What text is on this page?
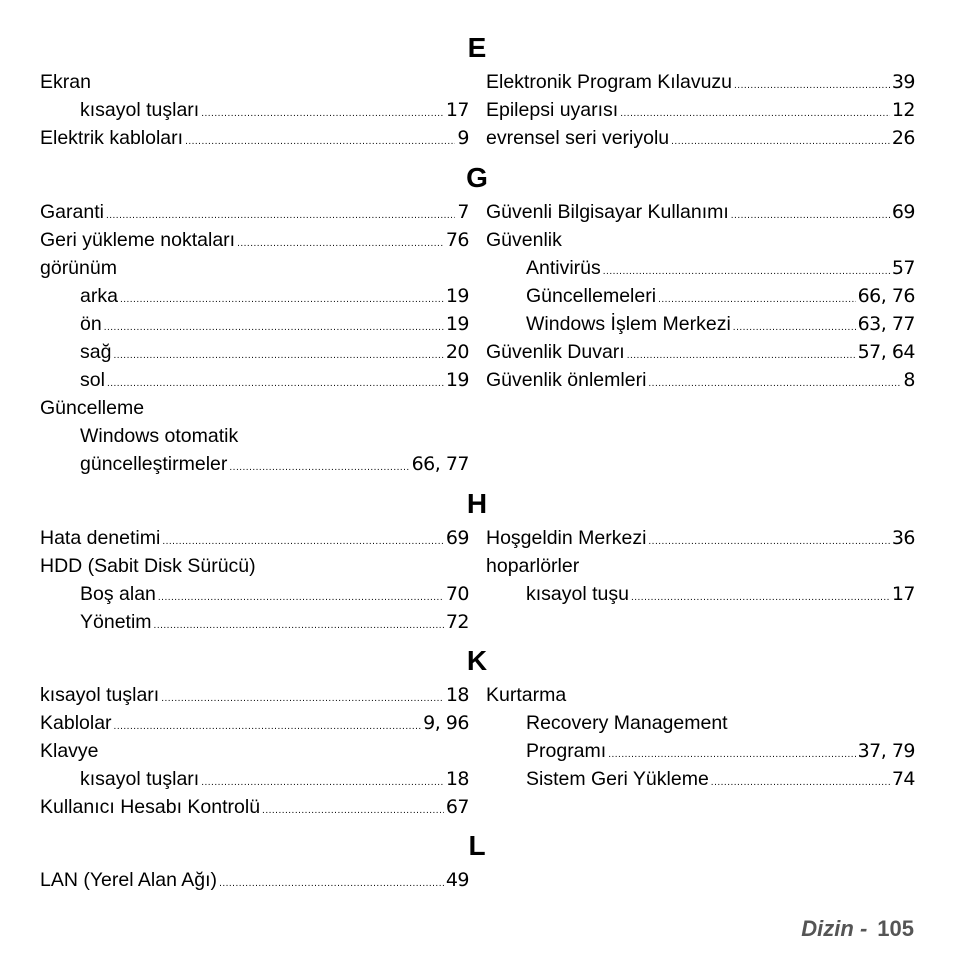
E
Ekran
kısayol tuşları .....	17
Elektrik kabloları .....	9
Elektronik Program Kılavuzu .....	39
Epilepsi uyarısı .....	12
evrensel seri veriyolu .....	26
G
Garanti .....	7
Geri yükleme noktaları .....	76
görünüm
arka .....	19
ön .....	19
sağ .....	20
sol .....	19
Güncelleme
Windows otomatik
güncelleştirmeler .....	66, 77
Güvenli Bilgisayar Kullanımı .....	69
Güvenlik
Antivirüs .....	57
Güncellemeleri .....	66, 76
Windows İşlem Merkezi .....	63, 77
Güvenlik Duvarı .....	57, 64
Güvenlik önlemleri .....	8
H
Hata denetimi .....	69
HDD (Sabit Disk Sürücü)
Boş alan .....	70
Yönetim .....	72
Hoşgeldin Merkezi .....	36
hoparlörler
kısayol tuşu .....	17
K
kısayol tuşları .....	18
Kablolar .....	9, 96
Klavye
kısayol tuşları .....	18
Kullanıcı Hesabı Kontrolü .....	67
Kurtarma
Recovery Management
Programı .....	37, 79
Sistem Geri Yükleme .....	74
L
LAN (Yerel Alan Ağı) .....	49
Dizin - 105
